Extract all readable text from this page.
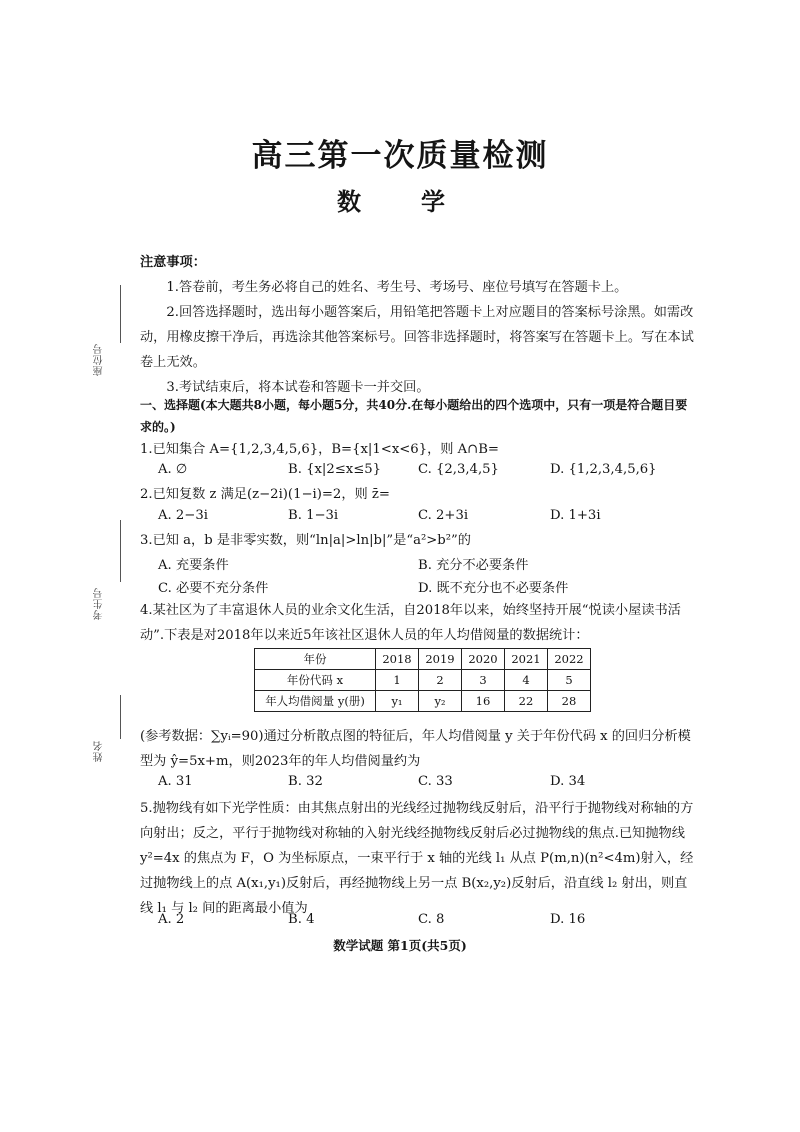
高三第一次质量检测
数　学
座位号
考生号
姓名
注意事项：
1.答卷前，考生务必将自己的姓名、考生号、考场号、座位号填写在答题卡上。
2.回答选择题时，选出每小题答案后，用铅笔把答题卡上对应题目的答案标号涂黑。如需改动，用橡皮擦干净后，再选涂其他答案标号。回答非选择题时，将答案写在答题卡上。写在本试卷上无效。
3.考试结束后，将本试卷和答题卡一并交回。
一、选择题(本大题共8小题，每小题5分，共40分.在每小题给出的四个选项中，只有一项是符合题目要求的。)
1.已知集合 A={1,2,3,4,5,6}，B={x|1<x<6}，则 A∩B=
A. ∅	B. {x|2≤x≤5}	C. {2,3,4,5}	D. {1,2,3,4,5,6}
2.已知复数 z 满足(z−2i)(1−i)=2，则 z̄=
A. 2−3i	B. 1−3i	C. 2+3i	D. 1+3i
3.已知 a，b 是非零实数，则“ln|a|>ln|b|”是“a²>b²”的
A. 充要条件	B. 充分不必要条件
C. 必要不充分条件	D. 既不充分也不必要条件
4.某社区为了丰富退休人员的业余文化生活，自2018年以来，始终坚持开展“悦读小屋读书活动”.下表是对2018年以来近5年该社区退休人员的年人均借阅量的数据统计：
年份	2018	2019	2020	2021	2022
年份代码 x	1	2	3	4	5
年人均借阅量 y(册)	y₁	y₂	16	22	28
(参考数据：∑yᵢ=90)通过分析散点图的特征后，年人均借阅量 y 关于年份代码 x 的回归分析模型为 ŷ=5x+m，则2023年的年人均借阅量约为
A. 31	B. 32	C. 33	D. 34
5.抛物线有如下光学性质：由其焦点射出的光线经过抛物线反射后，沿平行于抛物线对称轴的方向射出；反之，平行于抛物线对称轴的入射光线经抛物线反射后必过抛物线的焦点.已知抛物线 y²=4x 的焦点为 F，O 为坐标原点，一束平行于 x 轴的光线 l₁ 从点 P(m,n)(n²<4m)射入，经过抛物线上的点 A(x₁,y₁)反射后，再经抛物线上另一点 B(x₂,y₂)反射后，沿直线 l₂ 射出，则直线 l₁ 与 l₂ 间的距离最小值为
A. 2	B. 4	C. 8	D. 16
数学试题 第1页(共5页)
